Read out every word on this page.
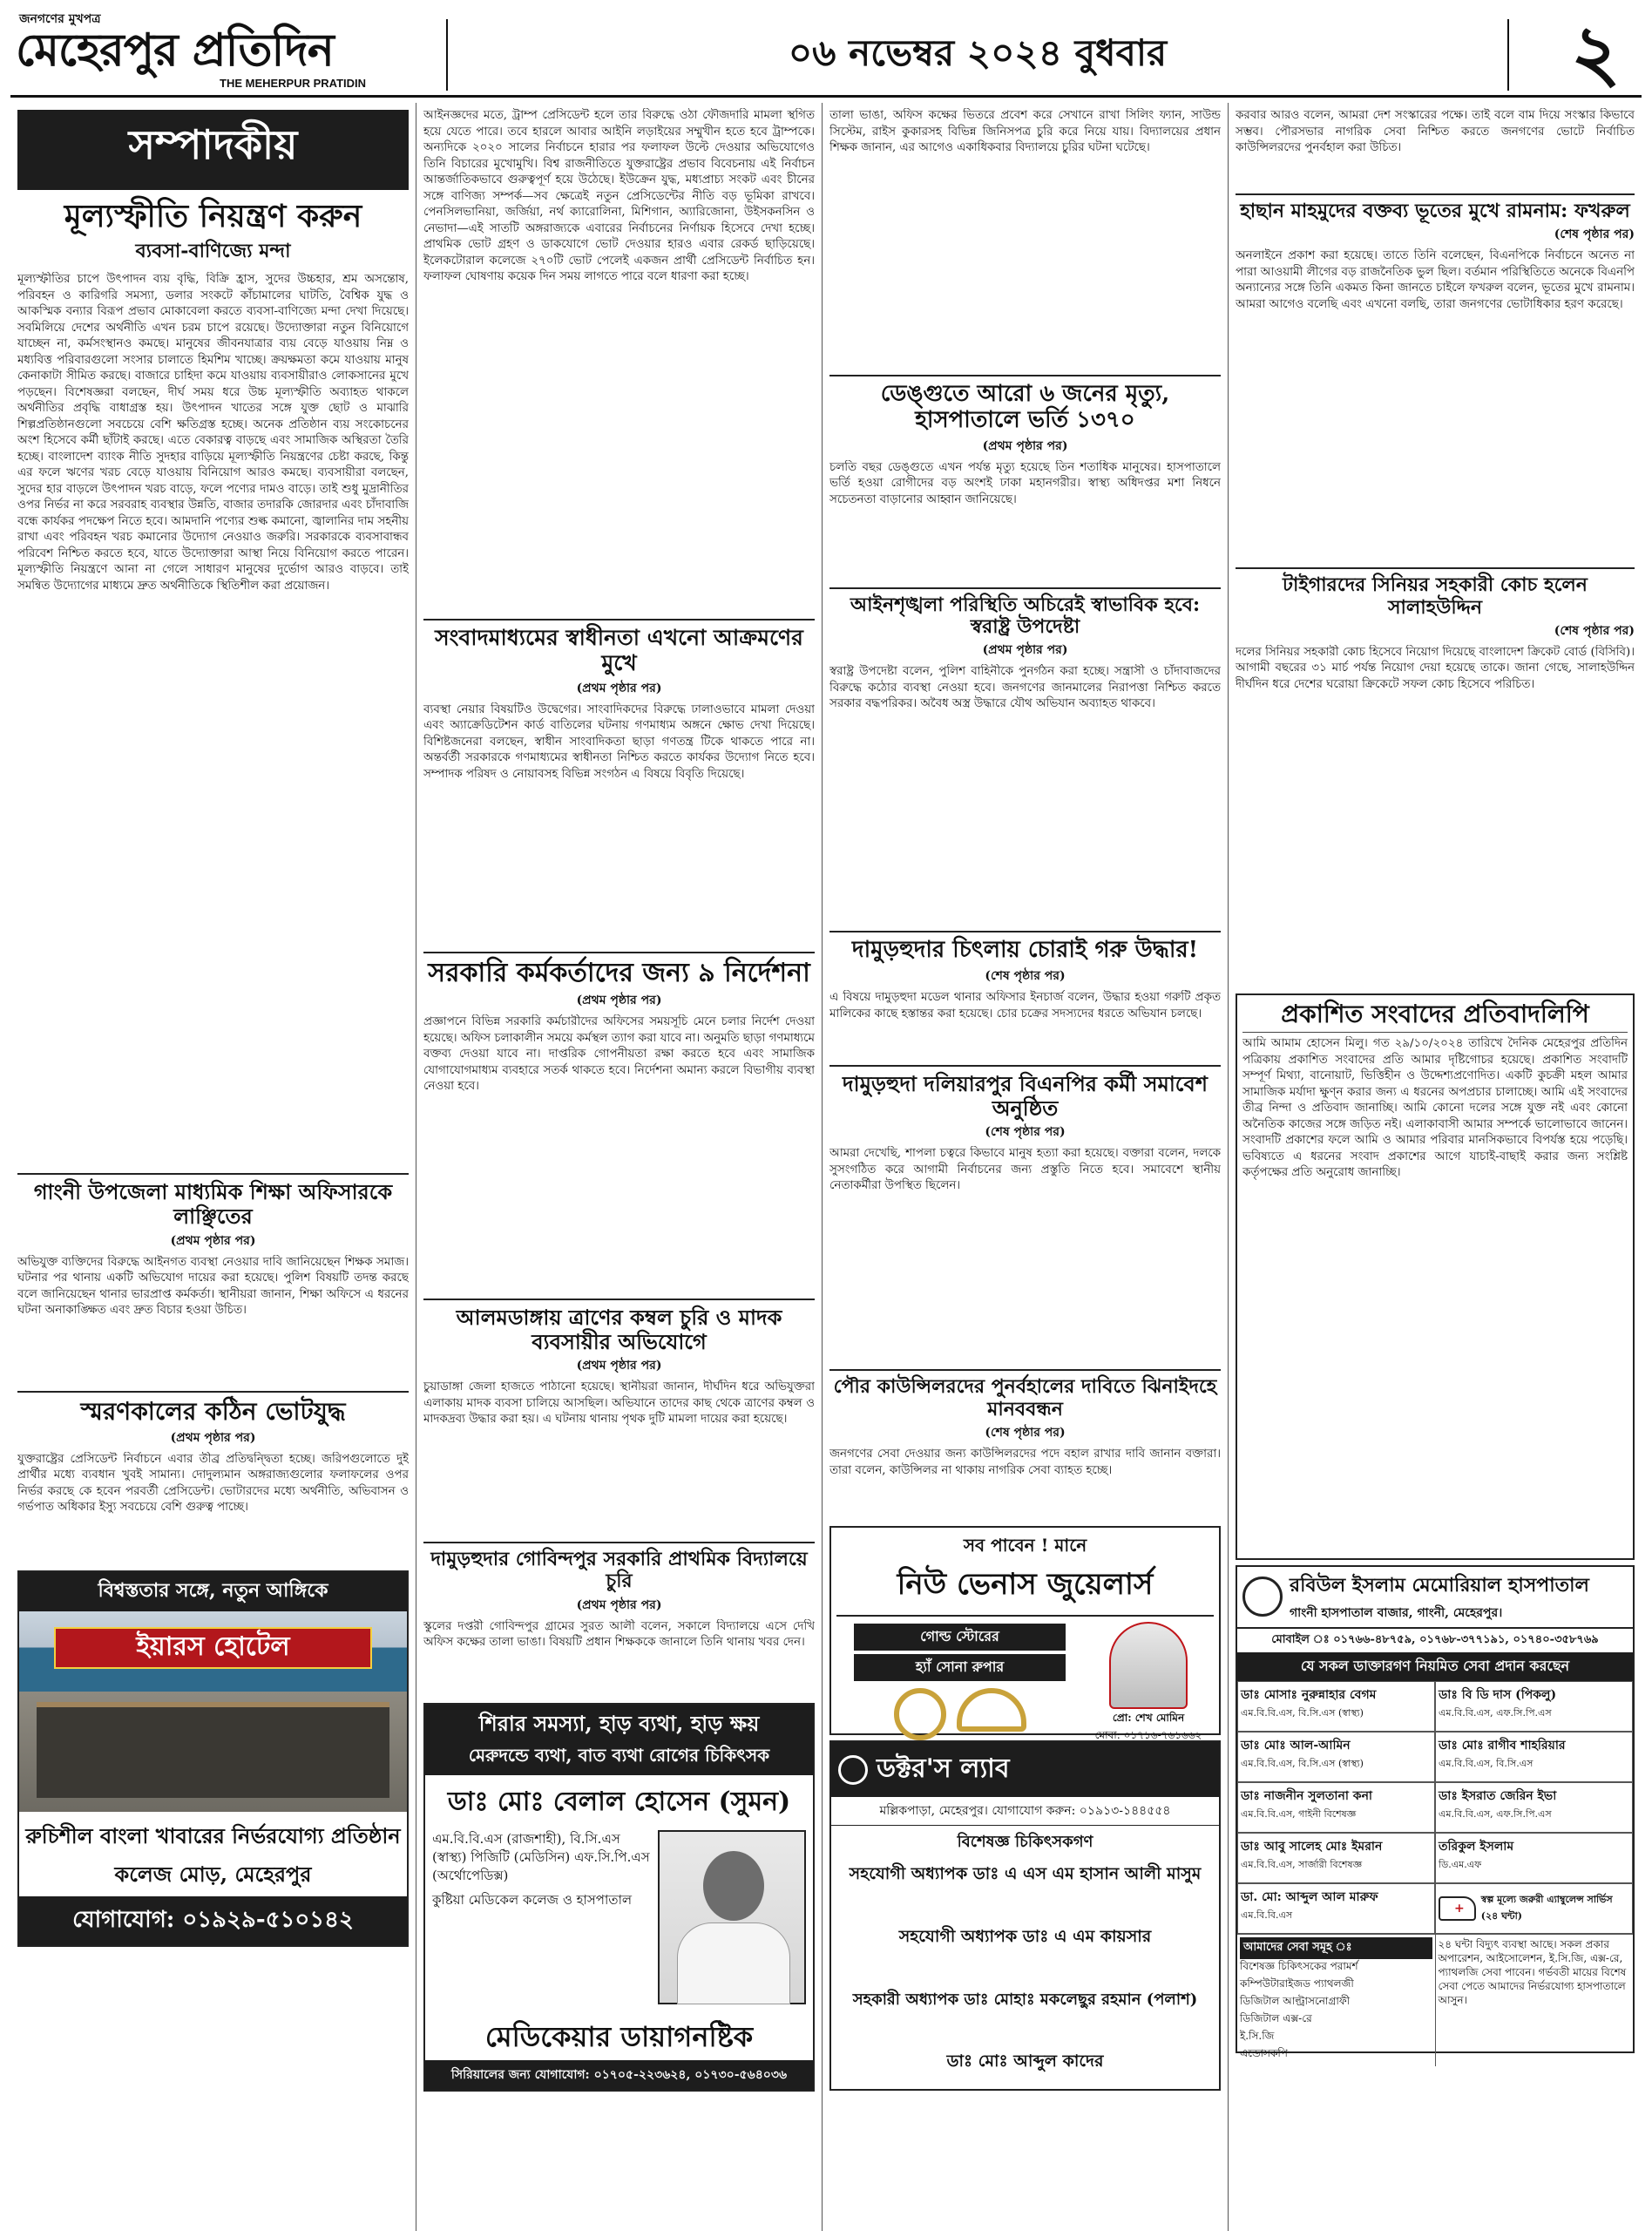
জনগণের মুখপত্র
মেহেরপুর প্রতিদিন
THE MEHERPUR PRATIDIN
০৬ নভেম্বর ২০২৪ বুধবার	২
সম্পাদকীয়
মূল্যস্ফীতি নিয়ন্ত্রণ করুন
ব্যবসা-বাণিজ্যে মন্দা
মূল্যস্ফীতির চাপে উৎপাদন ব্যয় বৃদ্ধি, বিক্রি হ্রাস, সুদের উচ্চহার, শ্রম অসন্তোষ, পরিবহন ও কারিগরি সমস্যা, ডলার সংকটে কাঁচামালের ঘাটতি, বৈশ্বিক যুদ্ধ ও আকস্মিক বন্যার বিরূপ প্রভাব মোকাবেলা করতে ব্যবসা-বাণিজ্যে মন্দা দেখা দিয়েছে। সবমিলিয়ে দেশের অর্থনীতি এখন চরম চাপে রয়েছে। উদ্যোক্তারা নতুন বিনিয়োগে যাচ্ছেন না, কর্মসংস্থানও কমছে। মানুষের জীবনযাত্রার ব্যয় বেড়ে যাওয়ায় নিম্ন ও মধ্যবিত্ত পরিবারগুলো সংসার চালাতে হিমশিম খাচ্ছে। ক্রয়ক্ষমতা কমে যাওয়ায় মানুষ কেনাকাটা সীমিত করছে। বাজারে চাহিদা কমে যাওয়ায় ব্যবসায়ীরাও লোকসানের মুখে পড়ছেন। বিশেষজ্ঞরা বলছেন, দীর্ঘ সময় ধরে উচ্চ মূল্যস্ফীতি অব্যাহত থাকলে অর্থনীতির প্রবৃদ্ধি বাধাগ্রস্ত হয়। উৎপাদন খাতের সঙ্গে যুক্ত ছোট ও মাঝারি শিল্পপ্রতিষ্ঠানগুলো সবচেয়ে বেশি ক্ষতিগ্রস্ত হচ্ছে। অনেক প্রতিষ্ঠান ব্যয় সংকোচনের অংশ হিসেবে কর্মী ছাঁটাই করছে। এতে বেকারত্ব বাড়ছে এবং সামাজিক অস্থিরতা তৈরি হচ্ছে। বাংলাদেশ ব্যাংক নীতি সুদহার বাড়িয়ে মূল্যস্ফীতি নিয়ন্ত্রণের চেষ্টা করছে, কিন্তু এর ফলে ঋণের খরচ বেড়ে যাওয়ায় বিনিয়োগ আরও কমছে। ব্যবসায়ীরা বলছেন, সুদের হার বাড়লে উৎপাদন খরচ বাড়ে, ফলে পণ্যের দামও বাড়ে। তাই শুধু মুদ্রানীতির ওপর নির্ভর না করে সরবরাহ ব্যবস্থার উন্নতি, বাজার তদারকি জোরদার এবং চাঁদাবাজি বন্ধে কার্যকর পদক্ষেপ নিতে হবে। আমদানি পণ্যের শুল্ক কমানো, জ্বালানির দাম সহনীয় রাখা এবং পরিবহন খরচ কমানোর উদ্যোগ নেওয়াও জরুরি। সরকারকে ব্যবসাবান্ধব পরিবেশ নিশ্চিত করতে হবে, যাতে উদ্যোক্তারা আস্থা নিয়ে বিনিয়োগ করতে পারেন। মূল্যস্ফীতি নিয়ন্ত্রণে আনা না গেলে সাধারণ মানুষের দুর্ভোগ আরও বাড়বে। তাই সমন্বিত উদ্যোগের মাধ্যমে দ্রুত অর্থনীতিকে স্থিতিশীল করা প্রয়োজন।
গাংনী উপজেলা মাধ্যমিক শিক্ষা অফিসারকে লাঞ্ছিতের
(প্রথম পৃষ্ঠার পর)
অভিযুক্ত ব্যক্তিদের বিরুদ্ধে আইনগত ব্যবস্থা নেওয়ার দাবি জানিয়েছেন শিক্ষক সমাজ। ঘটনার পর থানায় একটি অভিযোগ দায়ের করা হয়েছে। পুলিশ বিষয়টি তদন্ত করছে বলে জানিয়েছেন থানার ভারপ্রাপ্ত কর্মকর্তা। স্থানীয়রা জানান, শিক্ষা অফিসে এ ধরনের ঘটনা অনাকাঙ্ক্ষিত এবং দ্রুত বিচার হওয়া উচিত।
স্মরণকালের কঠিন ভোটযুদ্ধ
(প্রথম পৃষ্ঠার পর)
যুক্তরাষ্ট্রের প্রেসিডেন্ট নির্বাচনে এবার তীব্র প্রতিদ্বন্দ্বিতা হচ্ছে। জরিপগুলোতে দুই প্রার্থীর মধ্যে ব্যবধান খুবই সামান্য। দোদুল্যমান অঙ্গরাজ্যগুলোর ফলাফলের ওপর নির্ভর করছে কে হবেন পরবর্তী প্রেসিডেন্ট। ভোটারদের মধ্যে অর্থনীতি, অভিবাসন ও গর্ভপাত অধিকার ইস্যু সবচেয়ে বেশি গুরুত্ব পাচ্ছে।
বিশ্বস্ততার সঙ্গে, নতুন আঙ্গিকে
ইয়ারস হোটেল
রুচিশীল বাংলা খাবারের নির্ভরযোগ্য প্রতিষ্ঠান
কলেজ মোড়, মেহেরপুর
যোগাযোগ: ০১৯২৯-৫১০১৪২
আইনজ্ঞদের মতে, ট্রাম্প প্রেসিডেন্ট হলে তার বিরুদ্ধে ওঠা ফৌজদারি মামলা স্থগিত হয়ে যেতে পারে। তবে হারলে আবার আইনি লড়াইয়ের সম্মুখীন হতে হবে ট্রাম্পকে। অন্যদিকে ২০২০ সালের নির্বাচনে হারার পর ফলাফল উল্টে দেওয়ার অভিযোগেও তিনি বিচারের মুখোমুখি। বিশ্ব রাজনীতিতে যুক্তরাষ্ট্রের প্রভাব বিবেচনায় এই নির্বাচন আন্তর্জাতিকভাবে গুরুত্বপূর্ণ হয়ে উঠেছে। ইউক্রেন যুদ্ধ, মধ্যপ্রাচ্য সংকট এবং চীনের সঙ্গে বাণিজ্য সম্পর্ক—সব ক্ষেত্রেই নতুন প্রেসিডেন্টের নীতি বড় ভূমিকা রাখবে। পেনসিলভানিয়া, জর্জিয়া, নর্থ ক্যারোলিনা, মিশিগান, অ্যারিজোনা, উইসকনসিন ও নেভাদা—এই সাতটি অঙ্গরাজ্যকে এবারের নির্বাচনের নির্ণায়ক হিসেবে দেখা হচ্ছে। প্রাথমিক ভোট গ্রহণ ও ডাকযোগে ভোট দেওয়ার হারও এবার রেকর্ড ছাড়িয়েছে। ইলেকটোরাল কলেজে ২৭০টি ভোট পেলেই একজন প্রার্থী প্রেসিডেন্ট নির্বাচিত হন। ফলাফল ঘোষণায় কয়েক দিন সময় লাগতে পারে বলে ধারণা করা হচ্ছে।
সংবাদমাধ্যমের স্বাধীনতা এখনো আক্রমণের মুখে
(প্রথম পৃষ্ঠার পর)
ব্যবস্থা নেয়ার বিষয়টিও উদ্বেগের। সাংবাদিকদের বিরুদ্ধে ঢালাওভাবে মামলা দেওয়া এবং অ্যাক্রেডিটেশন কার্ড বাতিলের ঘটনায় গণমাধ্যম অঙ্গনে ক্ষোভ দেখা দিয়েছে। বিশিষ্টজনেরা বলছেন, স্বাধীন সাংবাদিকতা ছাড়া গণতন্ত্র টিকে থাকতে পারে না। অন্তর্বর্তী সরকারকে গণমাধ্যমের স্বাধীনতা নিশ্চিত করতে কার্যকর উদ্যোগ নিতে হবে। সম্পাদক পরিষদ ও নোয়াবসহ বিভিন্ন সংগঠন এ বিষয়ে বিবৃতি দিয়েছে।
সরকারি কর্মকর্তাদের জন্য ৯ নির্দেশনা
(প্রথম পৃষ্ঠার পর)
প্রজ্ঞাপনে বিভিন্ন সরকারি কর্মচারীদের অফিসের সময়সূচি মেনে চলার নির্দেশ দেওয়া হয়েছে। অফিস চলাকালীন সময়ে কর্মস্থল ত্যাগ করা যাবে না। অনুমতি ছাড়া গণমাধ্যমে বক্তব্য দেওয়া যাবে না। দাপ্তরিক গোপনীয়তা রক্ষা করতে হবে এবং সামাজিক যোগাযোগমাধ্যম ব্যবহারে সতর্ক থাকতে হবে। নির্দেশনা অমান্য করলে বিভাগীয় ব্যবস্থা নেওয়া হবে।
আলমডাঙ্গায় ত্রাণের কম্বল চুরি ও মাদক ব্যবসায়ীর অভিযোগে
(প্রথম পৃষ্ঠার পর)
চুয়াডাঙ্গা জেলা হাজতে পাঠানো হয়েছে। স্থানীয়রা জানান, দীর্ঘদিন ধরে অভিযুক্তরা এলাকায় মাদক ব্যবসা চালিয়ে আসছিল। অভিযানে তাদের কাছ থেকে ত্রাণের কম্বল ও মাদকদ্রব্য উদ্ধার করা হয়। এ ঘটনায় থানায় পৃথক দুটি মামলা দায়ের করা হয়েছে।
দামুড়হুদার গোবিন্দপুর সরকারি প্রাথমিক বিদ্যালয়ে চুরি
(প্রথম পৃষ্ঠার পর)
স্কুলের দপ্তরী গোবিন্দপুর গ্রামের সুরত আলী বলেন, সকালে বিদ্যালয়ে এসে দেখি অফিস কক্ষের তালা ভাঙা। বিষয়টি প্রধান শিক্ষককে জানালে তিনি থানায় খবর দেন।
শিরার সমস্যা, হাড় ব্যথা, হাড় ক্ষয়
মেরুদন্ডে ব্যথা, বাত ব্যথা রোগের চিকিৎসক
ডাঃ মোঃ বেলাল হোসেন (সুমন)
এম.বি.বি.এস (রাজশাহী), বি.সি.এস (স্বাস্থ্য) পিজিটি (মেডিসিন) এফ.সি.পি.এস (অর্থোপেডিক্স)
কুষ্টিয়া মেডিকেল কলেজ ও হাসপাতাল
মেডিকেয়ার ডায়াগনষ্টিক
সিরিয়ালের জন্য যোগাযোগ: ০১৭০৫-২২৩৬২৪, ০১৭৩০-৫৬৪০৩৬
তালা ভাঙা, অফিস কক্ষের ভিতরে প্রবেশ করে সেখানে রাখা সিলিং ফ্যান, সাউন্ড সিস্টেম, রাইস কুকারসহ বিভিন্ন জিনিসপত্র চুরি করে নিয়ে যায়। বিদ্যালয়ের প্রধান শিক্ষক জানান, এর আগেও একাধিকবার বিদ্যালয়ে চুরির ঘটনা ঘটেছে।
ডেঙ্গুতে আরো ৬ জনের মৃত্যু, হাসপাতালে ভর্তি ১৩৭০
(প্রথম পৃষ্ঠার পর)
চলতি বছর ডেঙ্গুতে এখন পর্যন্ত মৃত্যু হয়েছে তিন শতাধিক মানুষের। হাসপাতালে ভর্তি হওয়া রোগীদের বড় অংশই ঢাকা মহানগরীর। স্বাস্থ্য অধিদপ্তর মশা নিধনে সচেতনতা বাড়ানোর আহ্বান জানিয়েছে।
আইনশৃঙ্খলা পরিস্থিতি অচিরেই স্বাভাবিক হবে: স্বরাষ্ট্র উপদেষ্টা
(প্রথম পৃষ্ঠার পর)
স্বরাষ্ট্র উপদেষ্টা বলেন, পুলিশ বাহিনীকে পুনর্গঠন করা হচ্ছে। সন্ত্রাসী ও চাঁদাবাজদের বিরুদ্ধে কঠোর ব্যবস্থা নেওয়া হবে। জনগণের জানমালের নিরাপত্তা নিশ্চিত করতে সরকার বদ্ধপরিকর। অবৈধ অস্ত্র উদ্ধারে যৌথ অভিযান অব্যাহত থাকবে।
দামুড়হুদার চিৎলায় চোরাই গরু উদ্ধার!
(শেষ পৃষ্ঠার পর)
এ বিষয়ে দামুড়হুদা মডেল থানার অফিসার ইনচার্জ বলেন, উদ্ধার হওয়া গরুটি প্রকৃত মালিকের কাছে হস্তান্তর করা হয়েছে। চোর চক্রের সদস্যদের ধরতে অভিযান চলছে।
দামুড়হুদা দলিয়ারপুর বিএনপির কর্মী সমাবেশ অনুষ্ঠিত
(শেষ পৃষ্ঠার পর)
আমরা দেখেছি, শাপলা চত্বরে কিভাবে মানুষ হত্যা করা হয়েছে। বক্তারা বলেন, দলকে সুসংগঠিত করে আগামী নির্বাচনের জন্য প্রস্তুতি নিতে হবে। সমাবেশে স্থানীয় নেতাকর্মীরা উপস্থিত ছিলেন।
পৌর কাউন্সিলরদের পুনর্বহালের দাবিতে ঝিনাইদহে মানববন্ধন
(শেষ পৃষ্ঠার পর)
জনগণের সেবা দেওয়ার জন্য কাউন্সিলরদের পদে বহাল রাখার দাবি জানান বক্তারা। তারা বলেন, কাউন্সিলর না থাকায় নাগরিক সেবা ব্যাহত হচ্ছে।
সব পাবেন ! মানে
নিউ ভেনাস জুয়েলার্স
গোল্ড স্টোরের
হ্যাঁ সোনা রুপার
প্রো: শেখ মোমিন
মোবা: ০১৭১৬-৭৬১৬৬২
ডক্টর'স ল্যাব
মল্লিকপাড়া, মেহেরপুর। যোগাযোগ করুন: ০১৯১৩-১৪৪৫৫৪
বিশেষজ্ঞ চিকিৎসকগণ
সহযোগী অধ্যাপক ডাঃ এ এস এম হাসান আলী মাসুম
সহযোগী অধ্যাপক ডাঃ এ এম কায়সার
সহকারী অধ্যাপক ডাঃ মোহাঃ মকলেছুর রহমান (পলাশ)
ডাঃ মোঃ আব্দুল কাদের
করবার আরও বলেন, আমরা দেশ সংস্কারের পক্ষে। তাই বলে বাম দিয়ে সংস্কার কিভাবে সম্ভব। পৌরসভার নাগরিক সেবা নিশ্চিত করতে জনগণের ভোটে নির্বাচিত কাউন্সিলরদের পুনর্বহাল করা উচিত।
হাছান মাহমুদের বক্তব্য ভূতের মুখে রামনাম: ফখরুল
(শেষ পৃষ্ঠার পর)
অনলাইনে প্রকাশ করা হয়েছে। তাতে তিনি বলেছেন, বিএনপিকে নির্বাচনে অনেত না পারা আওয়ামী লীগের বড় রাজনৈতিক ভুল ছিল। বর্তমান পরিস্থিতিতে অনেকে বিএনপি অন্যান্যের সঙ্গে তিনি একমত কিনা জানতে চাইলে ফখরুল বলেন, ভূতের মুখে রামনাম। আমরা আগেও বলেছি এবং এখনো বলছি, তারা জনগণের ভোটাধিকার হরণ করেছে।
টাইগারদের সিনিয়র সহকারী কোচ হলেন সালাহউদ্দিন
(শেষ পৃষ্ঠার পর)
দলের সিনিয়র সহকারী কোচ হিসেবে নিয়োগ দিয়েছে বাংলাদেশ ক্রিকেট বোর্ড (বিসিবি)। আগামী বছরের ৩১ মার্চ পর্যন্ত নিয়োগ দেয়া হয়েছে তাকে। জানা গেছে, সালাহউদ্দিন দীর্ঘদিন ধরে দেশের ঘরোয়া ক্রিকেটে সফল কোচ হিসেবে পরিচিত।
প্রকাশিত সংবাদের প্রতিবাদলিপি
আমি আমাম হোসেন মিলু। গত ২৯/১০/২০২৪ তারিখে দৈনিক মেহেরপুর প্রতিদিন পত্রিকায় প্রকাশিত সংবাদের প্রতি আমার দৃষ্টিগোচর হয়েছে। প্রকাশিত সংবাদটি সম্পূর্ণ মিথ্যা, বানোয়াট, ভিত্তিহীন ও উদ্দেশ্যপ্রণোদিত। একটি কুচক্রী মহল আমার সামাজিক মর্যাদা ক্ষুণ্ন করার জন্য এ ধরনের অপপ্রচার চালাচ্ছে। আমি এই সংবাদের তীব্র নিন্দা ও প্রতিবাদ জানাচ্ছি। আমি কোনো দলের সঙ্গে যুক্ত নই এবং কোনো অনৈতিক কাজের সঙ্গে জড়িত নই। এলাকাবাসী আমার সম্পর্কে ভালোভাবে জানেন। সংবাদটি প্রকাশের ফলে আমি ও আমার পরিবার মানসিকভাবে বিপর্যস্ত হয়ে পড়েছি। ভবিষ্যতে এ ধরনের সংবাদ প্রকাশের আগে যাচাই-বাছাই করার জন্য সংশ্লিষ্ট কর্তৃপক্ষের প্রতি অনুরোধ জানাচ্ছি।
রবিউল ইসলাম মেমোরিয়াল হাসপাতাল
গাংনী হাসপাতাল বাজার, গাংনী, মেহেরপুর।
মোবাইল ঃ ০১৭৬৬-৪৮৭৫৯, ০১৭৬৮-৩৭৭১৯১, ০১৭৪০-৩৫৮৭৬৯
যে সকল ডাক্তারগণ নিয়মিত সেবা প্রদান করছেন
ডাঃ মোসাঃ নুরুন্নাহার বেগম
এম.বি.বি.এস, বি.সি.এস (স্বাস্থ্য)
ডাঃ বি ডি দাস (পিকলু)
এম.বি.বি.এস, এফ.সি.পি.এস
ডাঃ মোঃ আল-আমিন
এম.বি.বি.এস, বি.সি.এস (স্বাস্থ্য)
ডাঃ মোঃ রাগীব শাহরিয়ার
এম.বি.বি.এস, বি.সি.এস
ডাঃ নাজনীন সুলতানা কনা
এম.বি.বি.এস, গাইনী বিশেষজ্ঞ
ডাঃ ইসরাত জেরিন ইভা
এম.বি.বি.এস, এফ.সি.পি.এস
ডাঃ আবু সালেহ মোঃ ইমরান
এম.বি.বি.এস, সার্জারী বিশেষজ্ঞ
তরিকুল ইসলাম
ডি.এম.এফ
ডা. মো: আব্দুল আল মারুফ
এম.বি.বি.এস	+
স্বল্প মূল্যে জরুরী এ্যাম্বুলেন্স সার্ভিস (২৪ ঘন্টা)
আমাদের সেবা সমূহ ঃ
বিশেষজ্ঞ চিকিৎসকের পরামর্শ
কম্পিউটারাইজড প্যাথলজী
ডিজিটাল আল্ট্রাসনোগ্রাফী
ডিজিটাল এক্স-রে
ই.সি.জি
এন্ডোসকপি
২৪ ঘন্টা বিদ্যুৎ ব্যবস্থা আছে। সকল প্রকার অপারেশন, আইসোলেশন, ই.সি.জি, এক্স-রে, প্যাথলজি সেবা পাবেন। গর্ভবতী মায়ের বিশেষ সেবা পেতে আমাদের নির্ভরযোগ্য হাসপাতালে আসুন।
